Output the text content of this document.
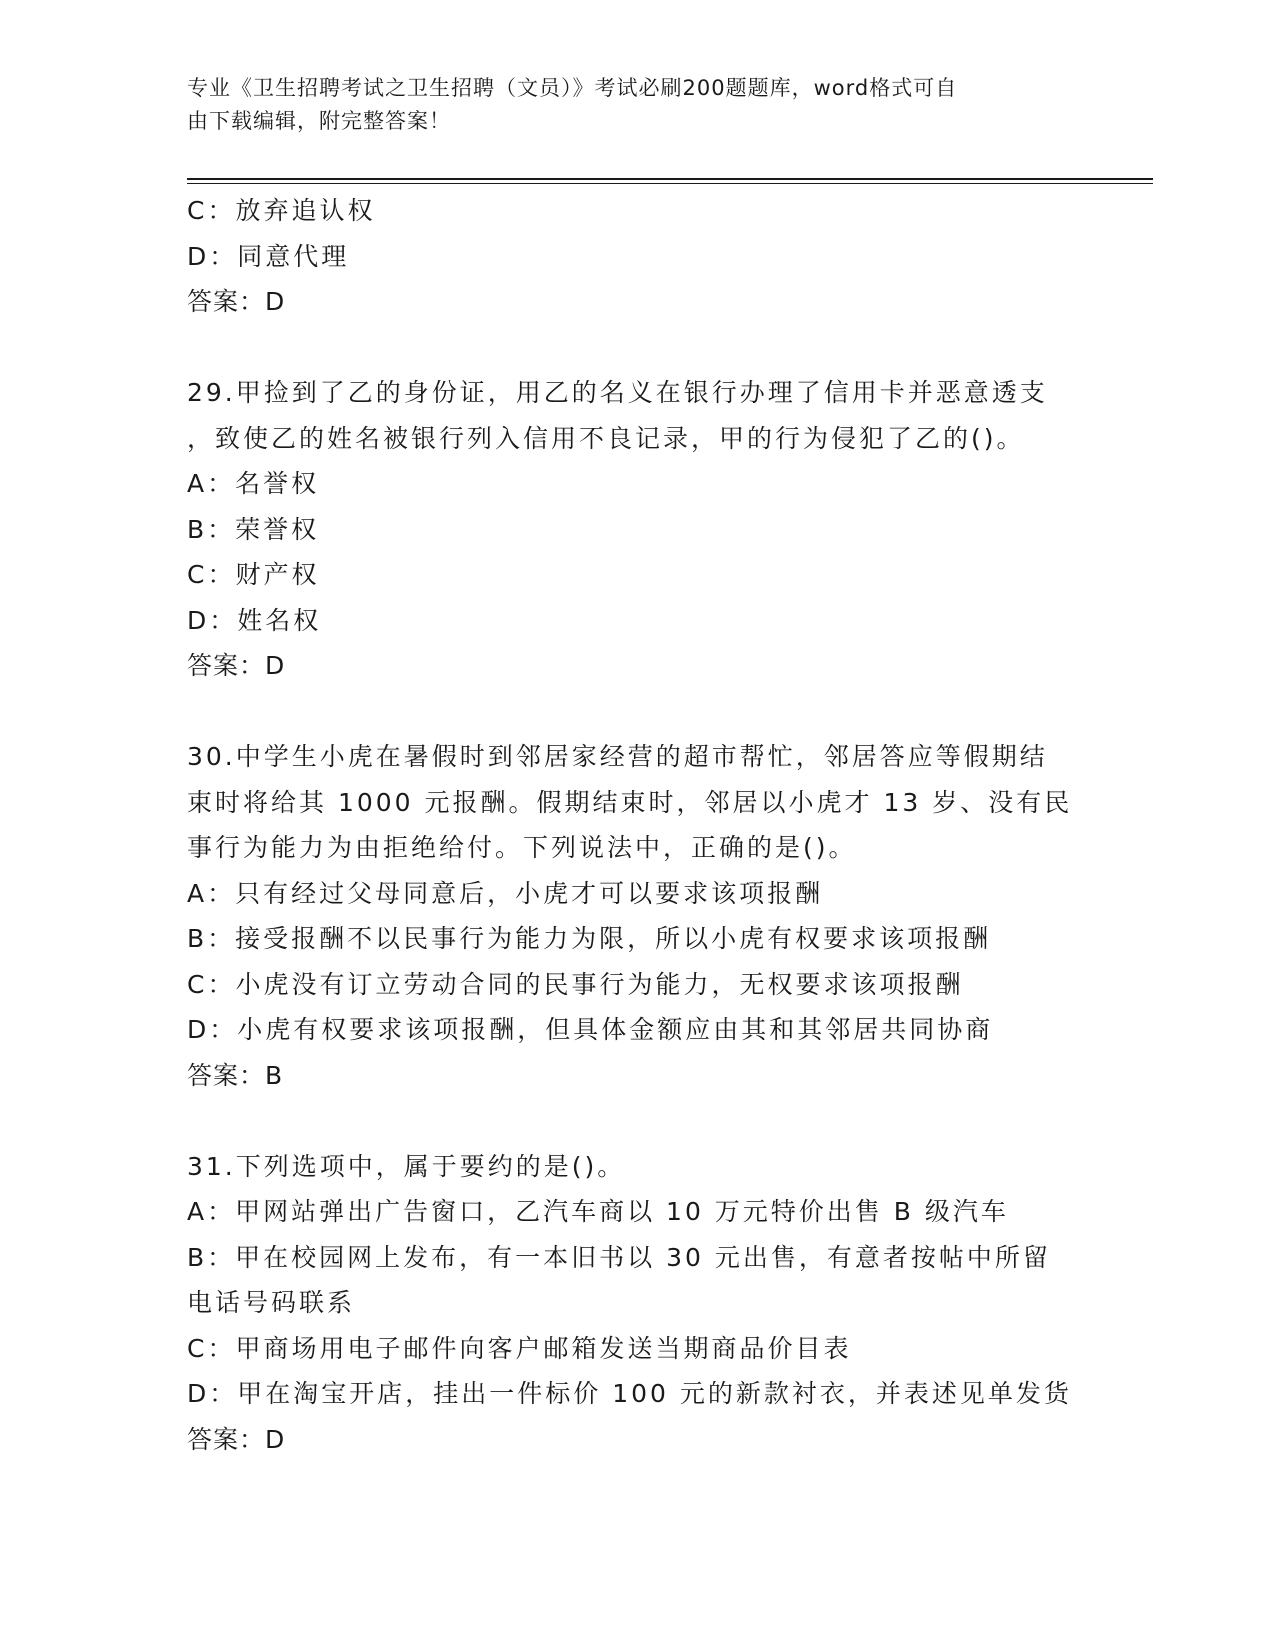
专业《卫生招聘考试之卫生招聘（文员）》考试必刷200题题库，word格式可自
由下载编辑，附完整答案！
C：放弃追认权
D：同意代理
答案：D
29.甲捡到了乙的身份证，用乙的名义在银行办理了信用卡并恶意透支
，致使乙的姓名被银行列入信用不良记录，甲的行为侵犯了乙的()。
A：名誉权
B：荣誉权
C：财产权
D：姓名权
答案：D
30.中学生小虎在暑假时到邻居家经营的超市帮忙，邻居答应等假期结
束时将给其 1000 元报酬。假期结束时，邻居以小虎才 13 岁、没有民
事行为能力为由拒绝给付。下列说法中，正确的是()。
A：只有经过父母同意后，小虎才可以要求该项报酬
B：接受报酬不以民事行为能力为限，所以小虎有权要求该项报酬
C：小虎没有订立劳动合同的民事行为能力，无权要求该项报酬
D：小虎有权要求该项报酬，但具体金额应由其和其邻居共同协商
答案：B
31.下列选项中，属于要约的是()。
A：甲网站弹出广告窗口，乙汽车商以 10 万元特价出售 B 级汽车
B：甲在校园网上发布，有一本旧书以 30 元出售，有意者按帖中所留
电话号码联系
C：甲商场用电子邮件向客户邮箱发送当期商品价目表
D：甲在淘宝开店，挂出一件标价 100 元的新款衬衣，并表述见单发货
答案：D
